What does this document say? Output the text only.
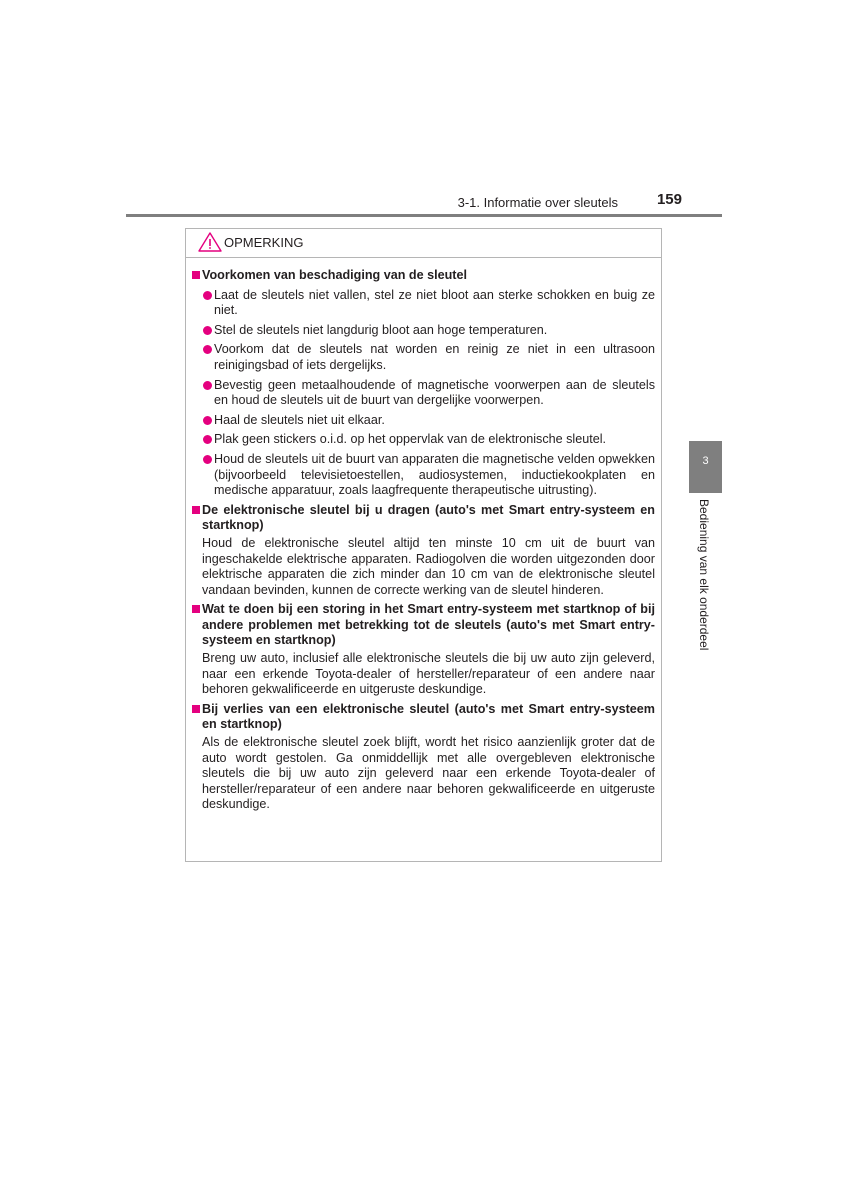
3-1. Informatie over sleutels	159
3
Bediening van elk onderdeel
OPMERKING
Voorkomen van beschadiging van de sleutel
Laat de sleutels niet vallen, stel ze niet bloot aan sterke schokken en buig ze niet.
Stel de sleutels niet langdurig bloot aan hoge temperaturen.
Voorkom dat de sleutels nat worden en reinig ze niet in een ultrasoon reinigingsbad of iets dergelijks.
Bevestig geen metaalhoudende of magnetische voorwerpen aan de sleutels en houd de sleutels uit de buurt van dergelijke voorwerpen.
Haal de sleutels niet uit elkaar.
Plak geen stickers o.i.d. op het oppervlak van de elektronische sleutel.
Houd de sleutels uit de buurt van apparaten die magnetische velden opwekken (bijvoorbeeld televisietoestellen, audiosystemen, inductiekookplaten en medische apparatuur, zoals laagfrequente therapeutische uitrusting).
De elektronische sleutel bij u dragen (auto's met Smart entry-systeem en startknop)
Houd de elektronische sleutel altijd ten minste 10 cm uit de buurt van ingeschakelde elektrische apparaten. Radiogolven die worden uitgezonden door elektrische apparaten die zich minder dan 10 cm van de elektronische sleutel vandaan bevinden, kunnen de correcte werking van de sleutel hinderen.
Wat te doen bij een storing in het Smart entry-systeem met startknop of bij andere problemen met betrekking tot de sleutels (auto's met Smart entry-systeem en startknop)
Breng uw auto, inclusief alle elektronische sleutels die bij uw auto zijn geleverd, naar een erkende Toyota-dealer of hersteller/reparateur of een andere naar behoren gekwalificeerde en uitgeruste deskundige.
Bij verlies van een elektronische sleutel (auto's met Smart entry-systeem en startknop)
Als de elektronische sleutel zoek blijft, wordt het risico aanzienlijk groter dat de auto wordt gestolen. Ga onmiddellijk met alle overgebleven elektronische sleutels die bij uw auto zijn geleverd naar een erkende Toyota-dealer of hersteller/reparateur of een andere naar behoren gekwalificeerde en uitgeruste deskundige.
